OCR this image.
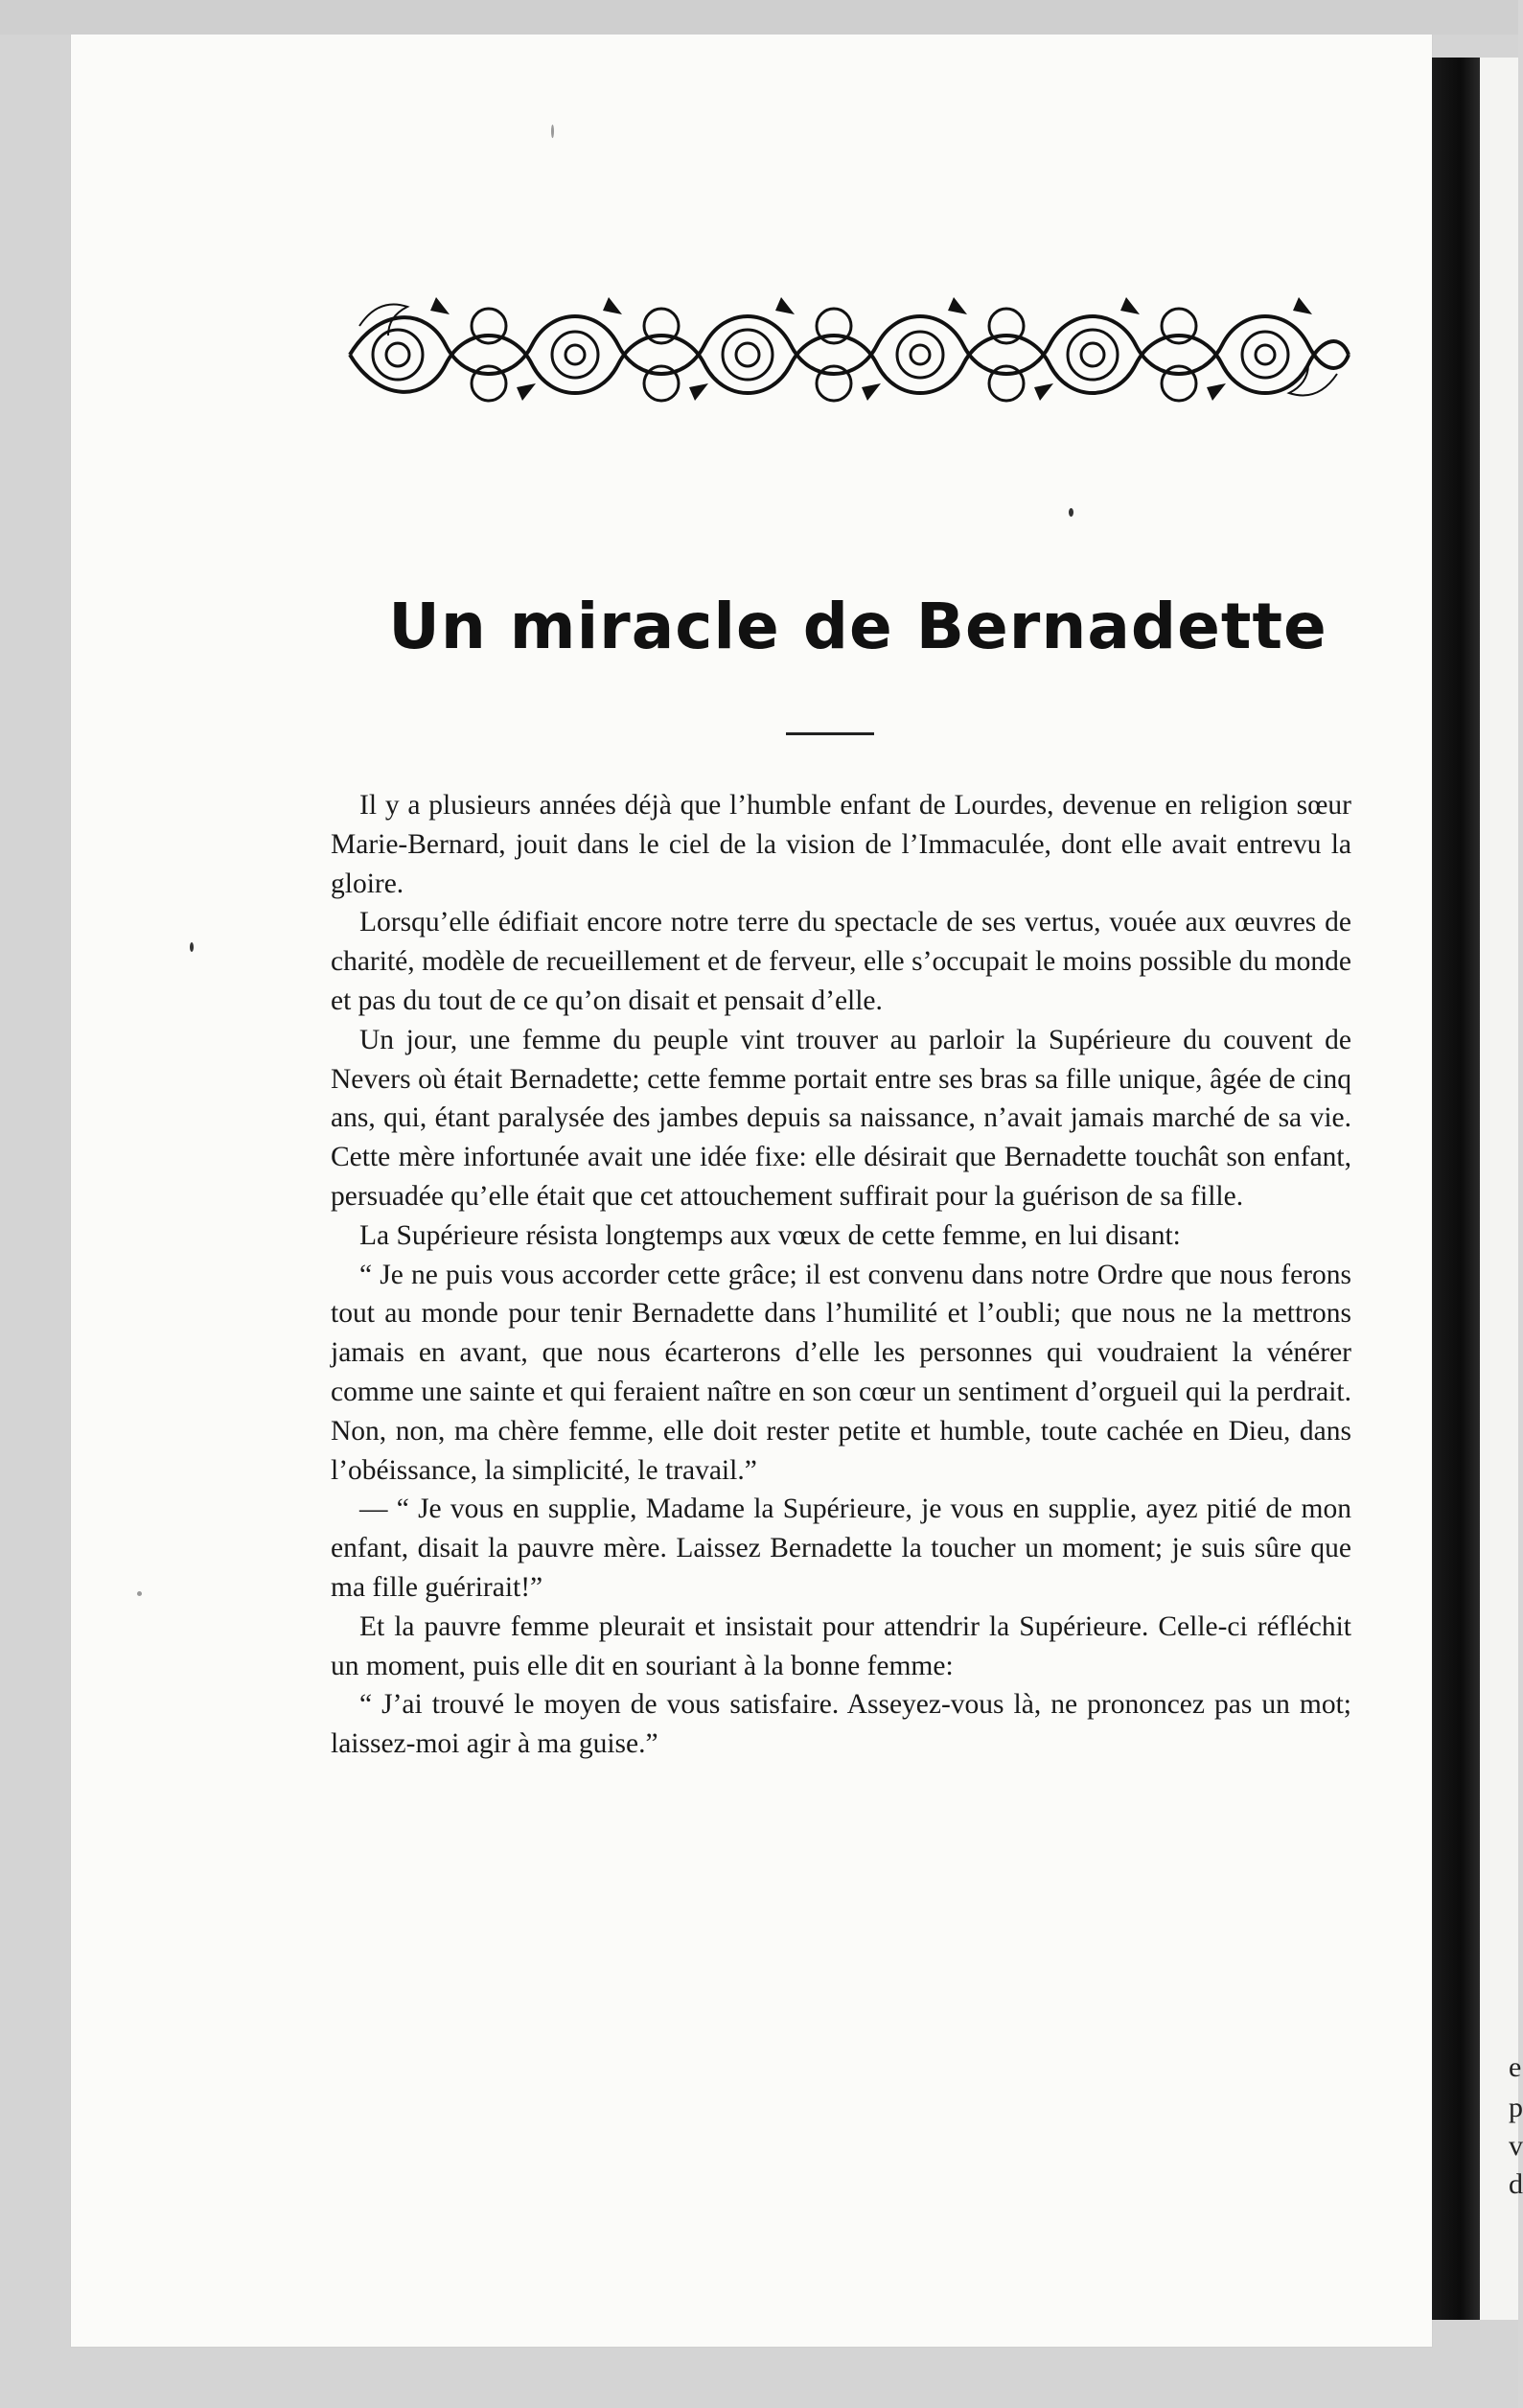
e
p
v
d
Un miracle de Bernadette

Il y a plusieurs années déjà que l’humble enfant de Lourdes, devenue en religion sœur Marie-Bernard, jouit dans le ciel de la vision de l’Immaculée, dont elle avait entrevu la gloire.

Lorsqu’elle édifiait encore notre terre du spectacle de ses vertus, vouée aux œuvres de charité, modèle de recueillement et de ferveur, elle s’occupait le moins possible du monde et pas du tout de ce qu’on disait et pensait d’elle.

Un jour, une femme du peuple vint trouver au parloir la Supérieure du couvent de Nevers où était Bernadette; cette femme portait entre ses bras sa fille unique, âgée de cinq ans, qui, étant paralysée des jambes depuis sa naissance, n’avait jamais marché de sa vie. Cette mère infortunée avait une idée fixe: elle désirait que Bernadette touchât son enfant, persuadée qu’elle était que cet attouchement suffirait pour la guérison de sa fille.

La Supérieure résista longtemps aux vœux de cette femme, en lui disant:

“ Je ne puis vous accorder cette grâce; il est convenu dans notre Ordre que nous ferons tout au monde pour tenir Bernadette dans l’humilité et l’oubli; que nous ne la mettrons jamais en avant, que nous écarterons d’elle les personnes qui voudraient la vénérer comme une sainte et qui feraient naître en son cœur un sentiment d’orgueil qui la perdrait. Non, non, ma chère femme, elle doit rester petite et humble, toute cachée en Dieu, dans l’obéissance, la simplicité, le travail.”

— “ Je vous en supplie, Madame la Supérieure, je vous en supplie, ayez pitié de mon enfant, disait la pauvre mère. Laissez Bernadette la toucher un moment; je suis sûre que ma fille guérirait!”

Et la pauvre femme pleurait et insistait pour attendrir la Supérieure. Celle-ci réfléchit un moment, puis elle dit en souriant à la bonne femme:

“ J’ai trouvé le moyen de vous satisfaire. Asseyez-vous là, ne prononcez pas un mot; laissez-moi agir à ma guise.”
